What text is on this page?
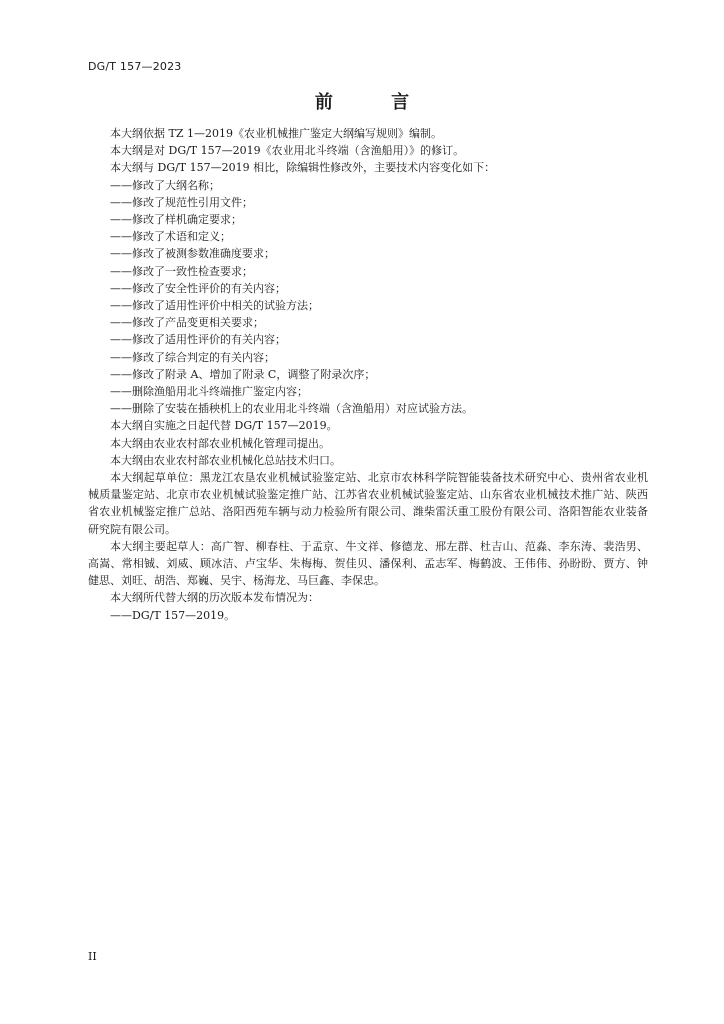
DG/T 157—2023
前 言

本大纲依据 TZ 1—2019《农业机械推广鉴定大纲编写规则》编制。

本大纲是对 DG/T 157—2019《农业用北斗终端（含渔船用）》的修订。

本大纲与 DG/T 157—2019 相比，除编辑性修改外，主要技术内容变化如下：

——修改了大纲名称；

——修改了规范性引用文件；

——修改了样机确定要求；

——修改了术语和定义；

——修改了被测参数准确度要求；

——修改了一致性检查要求；

——修改了安全性评价的有关内容；

——修改了适用性评价中相关的试验方法；

——修改了产品变更相关要求；

——修改了适用性评价的有关内容；

——修改了综合判定的有关内容；

——修改了附录 A、增加了附录 C，调整了附录次序；

——删除渔船用北斗终端推广鉴定内容；

——删除了安装在插秧机上的农业用北斗终端（含渔船用）对应试验方法。

本大纲自实施之日起代替 DG/T 157—2019。

本大纲由农业农村部农业机械化管理司提出。

本大纲由农业农村部农业机械化总站技术归口。

本大纲起草单位：黑龙江农垦农业机械试验鉴定站、北京市农林科学院智能装备技术研究中心、贵州省农业机械质量鉴定站、北京市农业机械试验鉴定推广站、江苏省农业机械试验鉴定站、山东省农业机械技术推广站、陕西省农业机械鉴定推广总站、洛阳西苑车辆与动力检验所有限公司、潍柴雷沃重工股份有限公司、洛阳智能农业装备研究院有限公司。

本大纲主要起草人：高广智、柳春柱、于孟京、牛文祥、修德龙、邢左群、杜吉山、范淼、李东涛、裴浩男、高嵩、常相铖、刘威、顾冰洁、卢宝华、朱梅梅、贺佳贝、潘保利、孟志军、梅鹤波、王伟伟、孙盼盼、贾方、钟健思、刘旺、胡浩、郑巍、吴宇、杨海龙、马巨鑫、李保忠。

本大纲所代替大纲的历次版本发布情况为：

——DG/T 157—2019。

II
